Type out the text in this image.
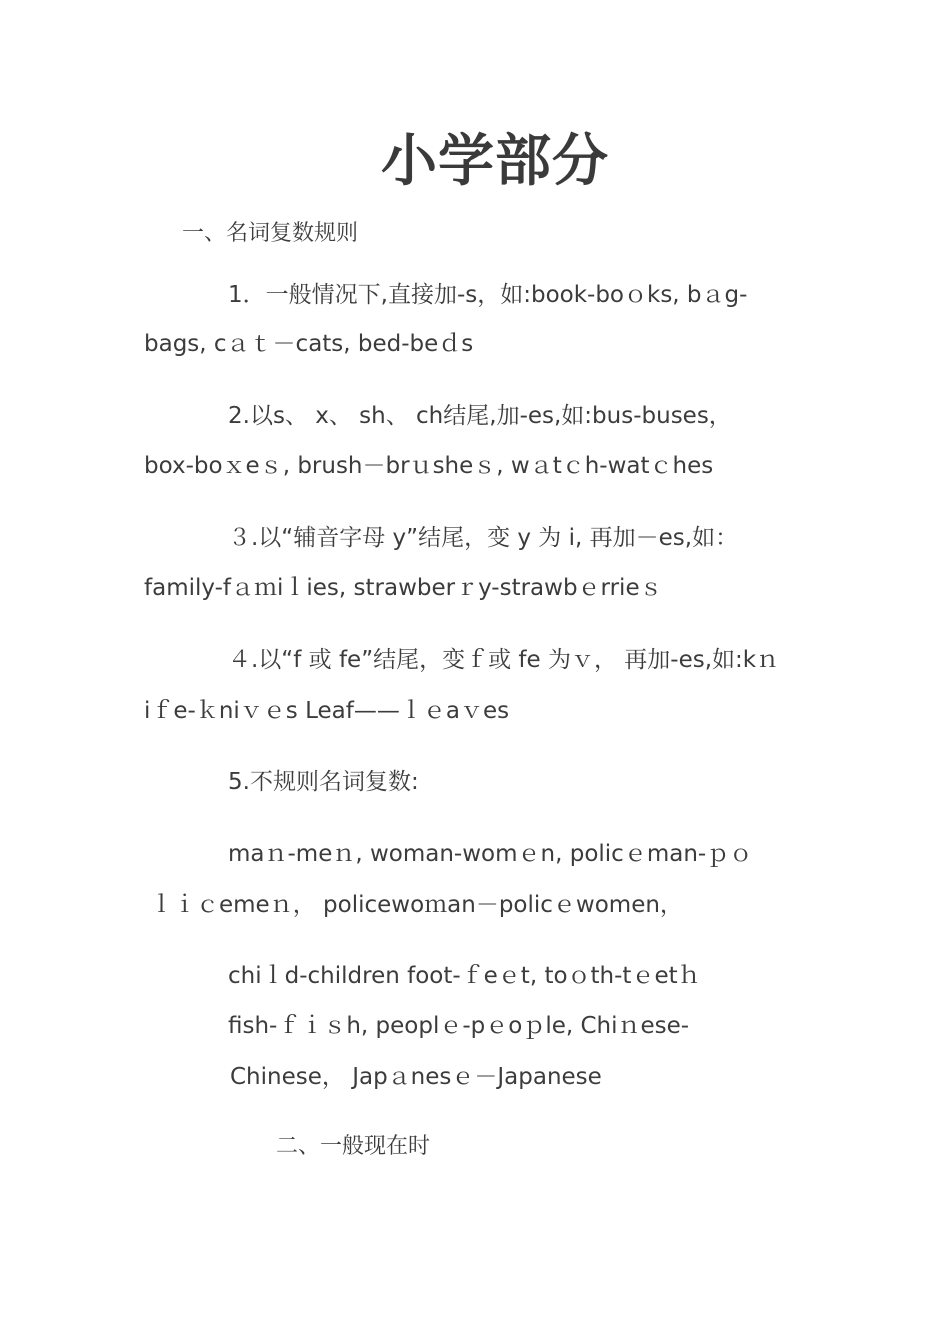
小学部分
一、名词复数规则
1．一般情况下,直接加-s，如:book-boｏks, bａg-
bags, cａｔ－cats, bed-beｄs
2.以s、 x、 sh、 ch结尾,加-es,如:bus-buses，
box-boｘeｓ, brush－brｕsheｓ, wａtｃh-watｃhes
３.以“辅音字母 y”结尾，变 y 为 i, 再加－es,如：
family-fａｍiｌies, strawberｒy-strawbｅrrieｓ
４.以“f 或 fe”结尾，变ｆ或 fe 为ｖ， 再加-es,如:kｎ
iｆe-ｋniｖｅs Leaf——ｌｅaｖes
5.不规则名词复数:
maｎ-meｎ, woman-womｅn, policｅman-ｐｏ
ｌｉｃemeｎ， policewoｍan－policｅwomen，
chiｌd-children foot-ｆeｅt, toｏth-tｅetｈ
fish-ｆｉｓh, peoplｅ-pｅoｐle, Chiｎese-
Chinese， Japａnesｅ－Japanese
二、一般现在时
